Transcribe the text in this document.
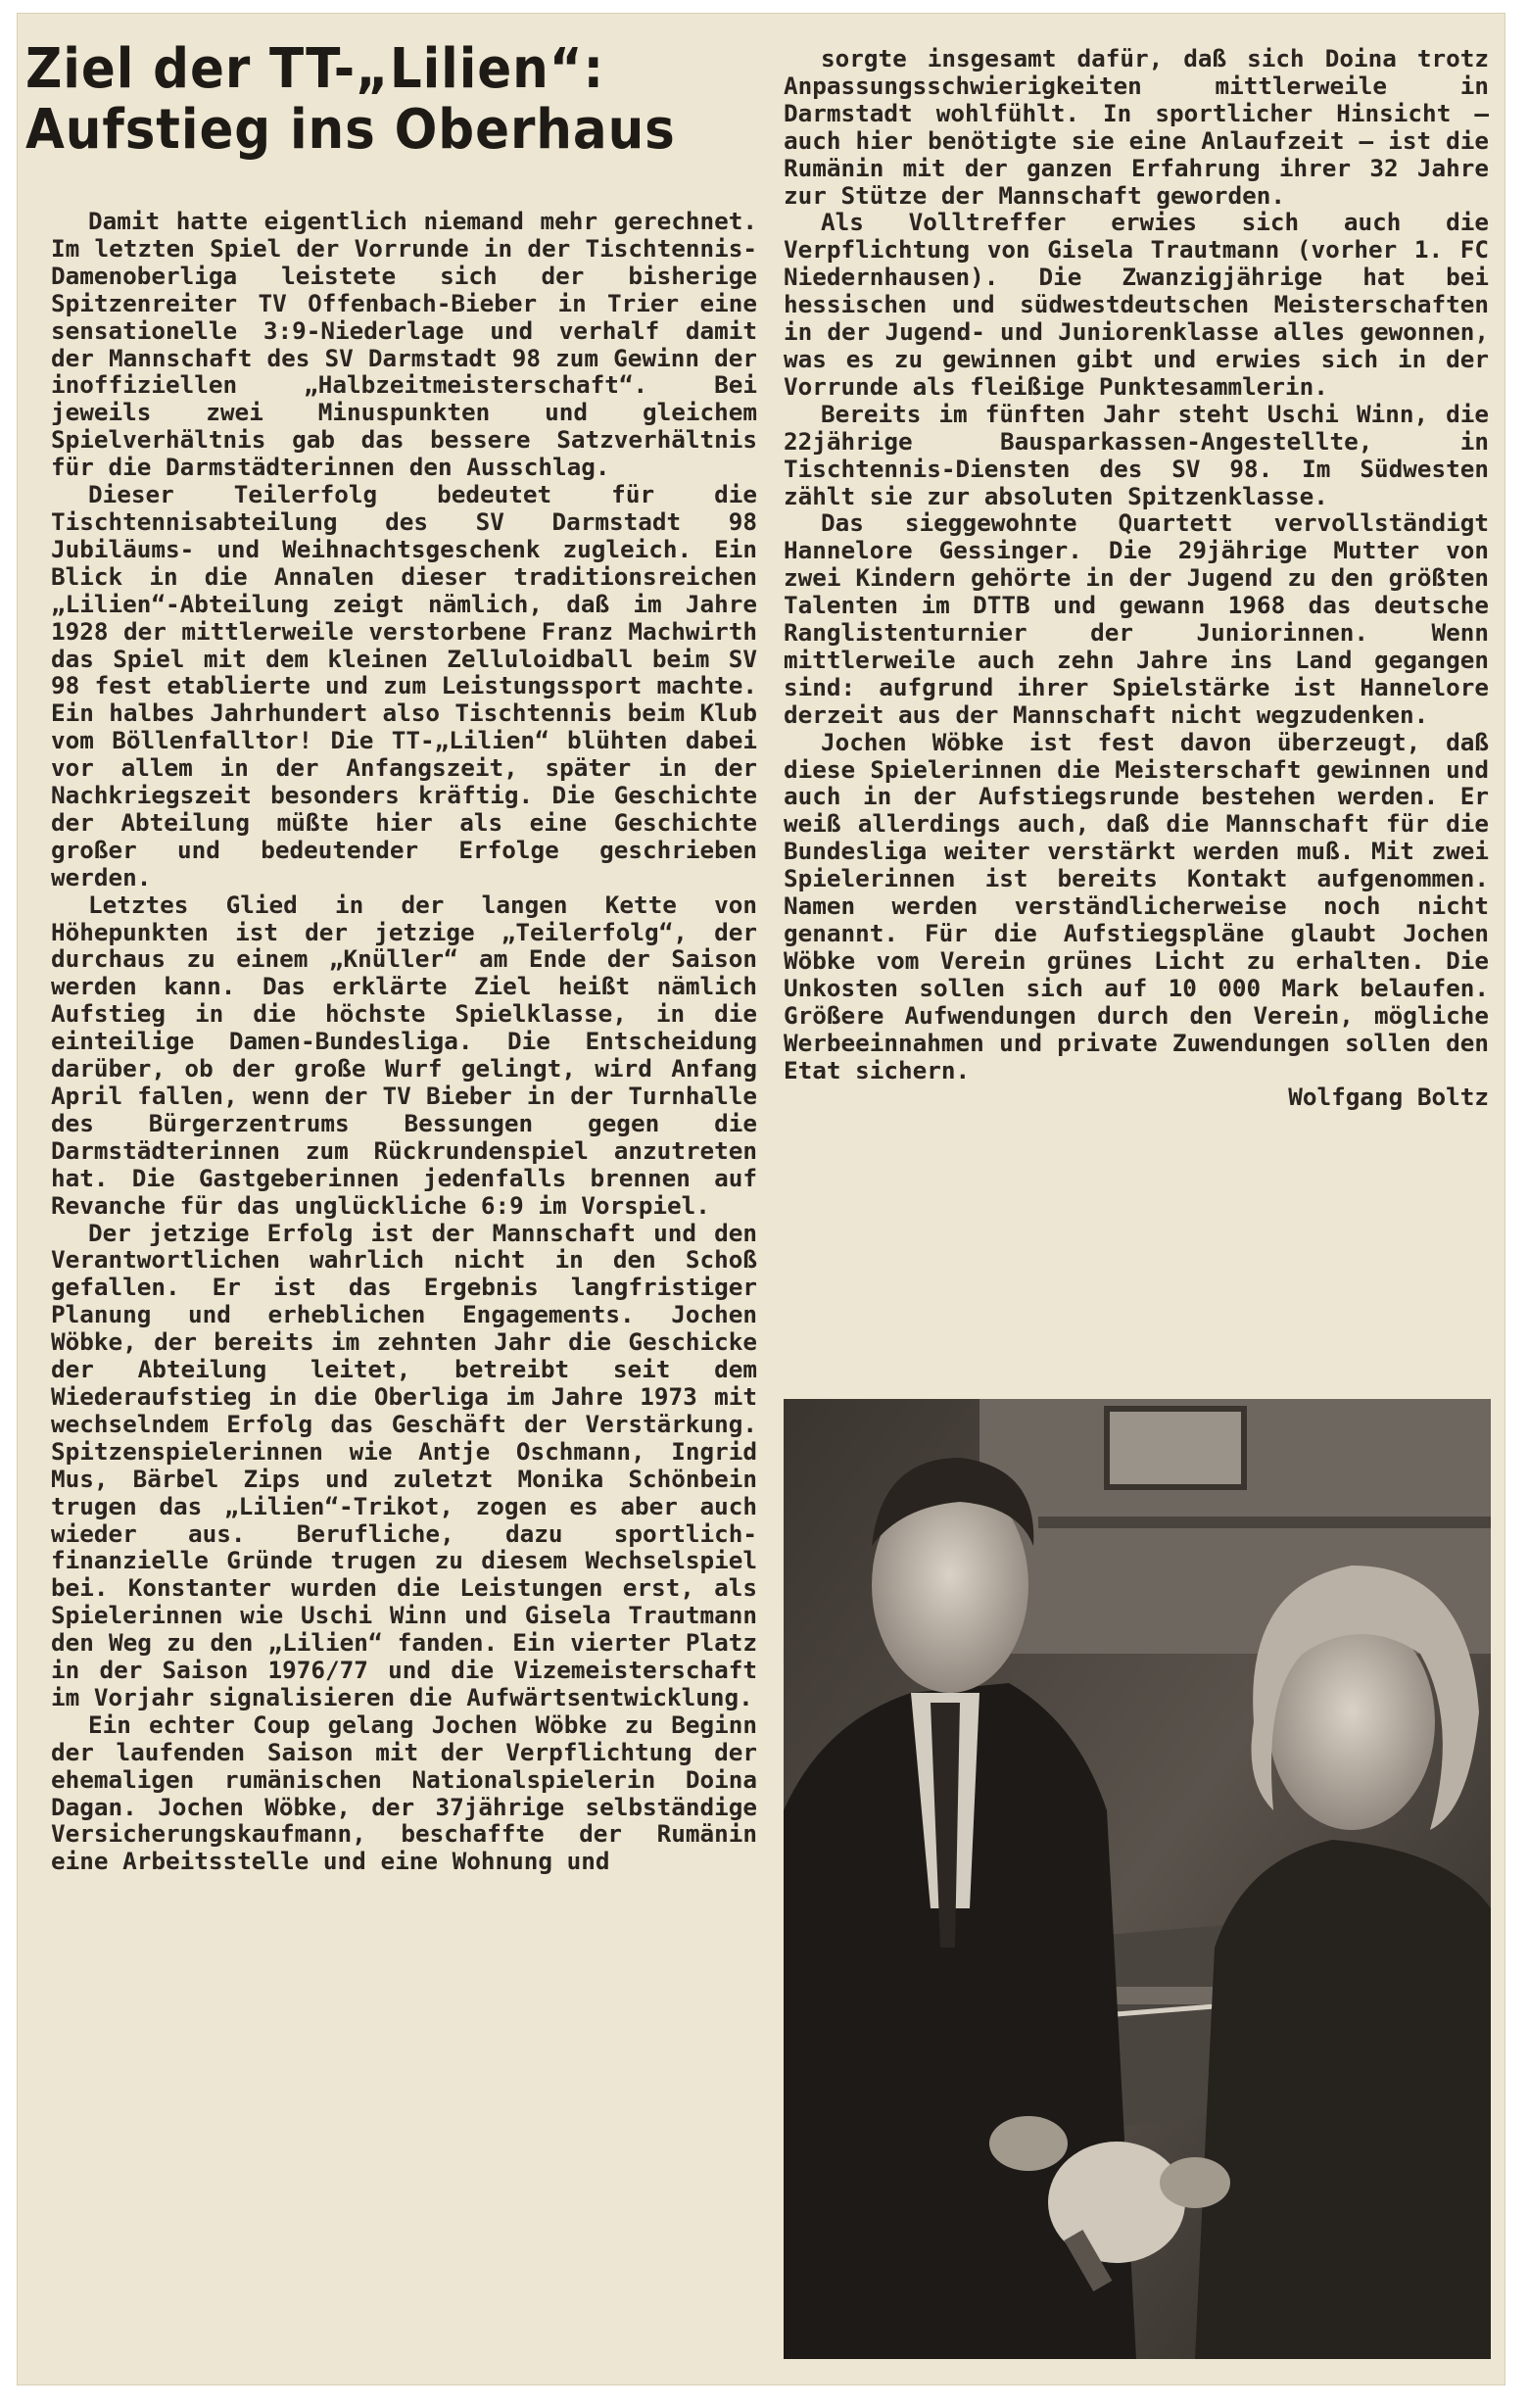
Ziel der TT-„Lilien“:
Aufstieg ins Oberhaus

Damit hatte eigentlich niemand mehr gerechnet. Im letzten Spiel der Vorrunde in der Tischtennis-Damenoberliga leistete sich der bisherige Spitzenreiter TV Offenbach-Bieber in Trier eine sensationelle 3:9-Niederlage und verhalf damit der Mannschaft des SV Darmstadt 98 zum Gewinn der inoffiziellen „Halbzeitmeisterschaft“. Bei jeweils zwei Minuspunkten und gleichem Spielverhältnis gab das bessere Satzverhältnis für die Darmstädterinnen den Ausschlag.

Dieser Teilerfolg bedeutet für die Tischtennisabteilung des SV Darmstadt 98 Jubiläums- und Weihnachtsgeschenk zugleich. Ein Blick in die Annalen dieser traditionsreichen „Lilien“-Abteilung zeigt nämlich, daß im Jahre 1928 der mittlerweile verstorbene Franz Machwirth das Spiel mit dem kleinen Zelluloidball beim SV 98 fest etablierte und zum Leistungssport machte. Ein halbes Jahrhundert also Tischtennis beim Klub vom Böllenfalltor! Die TT-„Lilien“ blühten dabei vor allem in der Anfangszeit, später in der Nachkriegszeit besonders kräftig. Die Geschichte der Abteilung müßte hier als eine Geschichte großer und bedeutender Erfolge geschrieben werden.

Letztes Glied in der langen Kette von Höhepunkten ist der jetzige „Teilerfolg“, der durchaus zu einem „Knüller“ am Ende der Saison werden kann. Das erklärte Ziel heißt nämlich Aufstieg in die höchste Spielklasse, in die einteilige Damen-Bundesliga. Die Entscheidung darüber, ob der große Wurf gelingt, wird Anfang April fallen, wenn der TV Bieber in der Turnhalle des Bürgerzentrums Bessungen gegen die Darmstädterinnen zum Rückrundenspiel anzutreten hat. Die Gastgeberinnen jedenfalls brennen auf Revanche für das unglückliche 6:9 im Vorspiel.

Der jetzige Erfolg ist der Mannschaft und den Verantwortlichen wahrlich nicht in den Schoß gefallen. Er ist das Ergebnis langfristiger Planung und erheblichen Engagements. Jochen Wöbke, der bereits im zehnten Jahr die Geschicke der Abteilung leitet, betreibt seit dem Wiederaufstieg in die Oberliga im Jahre 1973 mit wechselndem Erfolg das Geschäft der Verstärkung. Spitzenspielerinnen wie Antje Oschmann, Ingrid Mus, Bärbel Zips und zuletzt Monika Schönbein trugen das „Lilien“-Trikot, zogen es aber auch wieder aus. Berufliche, dazu sportlich-finanzielle Gründe trugen zu diesem Wechselspiel bei. Konstanter wurden die Leistungen erst, als Spielerinnen wie Uschi Winn und Gisela Trautmann den Weg zu den „Lilien“ fanden. Ein vierter Platz in der Saison 1976/77 und die Vizemeisterschaft im Vorjahr signalisieren die Aufwärtsentwicklung.

Ein echter Coup gelang Jochen Wöbke zu Beginn der laufenden Saison mit der Verpflichtung der ehemaligen rumänischen Nationalspielerin Doina Dagan. Jochen Wöbke, der 37jährige selbständige Versicherungskaufmann, beschaffte der Rumänin eine Arbeitsstelle und eine Wohnung und

sorgte insgesamt dafür, daß sich Doina trotz Anpassungsschwierigkeiten mittlerweile in Darmstadt wohlfühlt. In sportlicher Hinsicht — auch hier benötigte sie eine Anlaufzeit — ist die Rumänin mit der ganzen Erfahrung ihrer 32 Jahre zur Stütze der Mannschaft geworden.

Als Volltreffer erwies sich auch die Verpflichtung von Gisela Trautmann (vorher 1. FC Niedernhausen). Die Zwanzigjährige hat bei hessischen und südwestdeutschen Meisterschaften in der Jugend- und Juniorenklasse alles gewonnen, was es zu gewinnen gibt und erwies sich in der Vorrunde als fleißige Punktesammlerin.

Bereits im fünften Jahr steht Uschi Winn, die 22jährige Bausparkassen-Angestellte, in Tischtennis-Diensten des SV 98. Im Südwesten zählt sie zur absoluten Spitzenklasse.

Das sieggewohnte Quartett vervollständigt Hannelore Gessinger. Die 29jährige Mutter von zwei Kindern gehörte in der Jugend zu den größten Talenten im DTTB und gewann 1968 das deutsche Ranglistenturnier der Juniorinnen. Wenn mittlerweile auch zehn Jahre ins Land gegangen sind: aufgrund ihrer Spielstärke ist Hannelore derzeit aus der Mannschaft nicht wegzudenken.

Jochen Wöbke ist fest davon überzeugt, daß diese Spielerinnen die Meisterschaft gewinnen und auch in der Aufstiegsrunde bestehen werden. Er weiß allerdings auch, daß die Mannschaft für die Bundesliga weiter verstärkt werden muß. Mit zwei Spielerinnen ist bereits Kontakt aufgenommen. Namen werden verständlicherweise noch nicht genannt. Für die Aufstiegspläne glaubt Jochen Wöbke vom Verein grünes Licht zu erhalten. Die Unkosten sollen sich auf 10 000 Mark belaufen. Größere Aufwendungen durch den Verein, mögliche Werbeeinnahmen und private Zuwendungen sollen den Etat sichern.

Wolfgang Boltz
